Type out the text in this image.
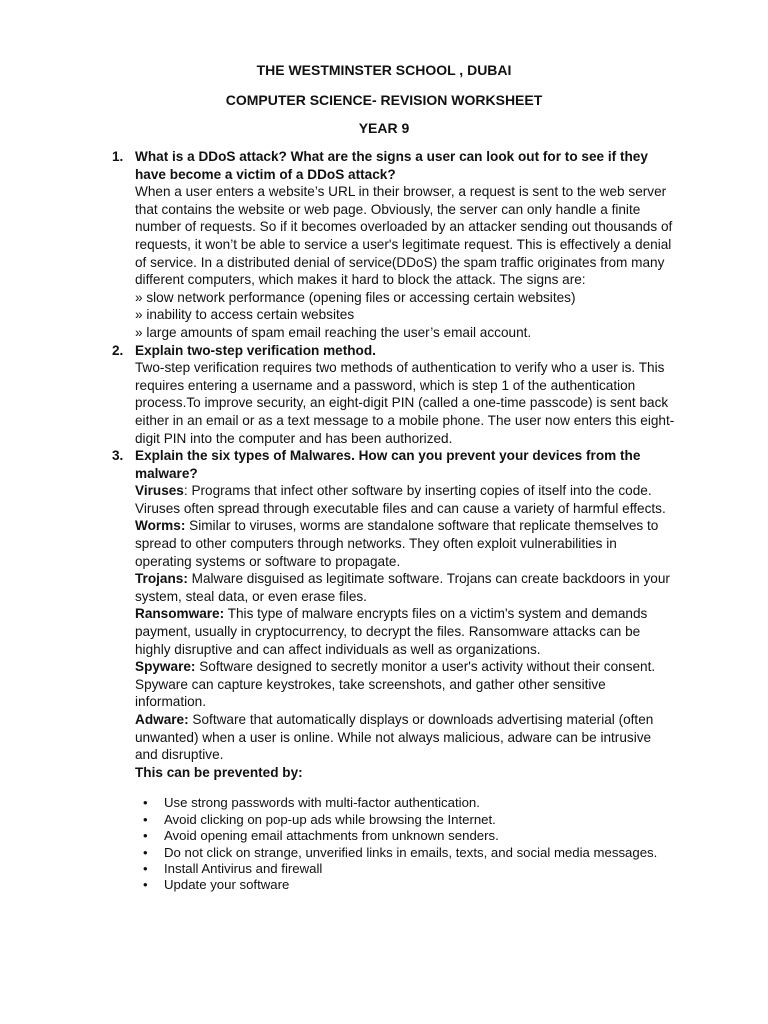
THE WESTMINSTER SCHOOL , DUBAI
COMPUTER SCIENCE- REVISION WORKSHEET
YEAR 9
1. What is a DDoS attack? What are the signs a user can look out for to see if they have become a victim of a DDoS attack?

When a user enters a website’s URL in their browser, a request is sent to the web server that contains the website or web page. Obviously, the server can only handle a finite number of requests. So if it becomes overloaded by an attacker sending out thousands of requests, it won’t be able to service a user's legitimate request. This is effectively a denial of service. In a distributed denial of service(DDoS) the spam traffic originates from many different computers, which makes it hard to block the attack. The signs are:

» slow network performance (opening files or accessing certain websites)
» inability to access certain websites
» large amounts of spam email reaching the user’s email account.
2. Explain two-step verification method.

Two-step verification requires two methods of authentication to verify who a user is. This requires entering a username and a password, which is step 1 of the authentication process.To improve security, an eight-digit PIN (called a one-time passcode) is sent back either in an email or as a text message to a mobile phone. The user now enters this eight-digit PIN into the computer and has been authorized.

3. Explain the six types of Malwares. How can you prevent your devices from the malware?

Viruses: Programs that infect other software by inserting copies of itself into the code. Viruses often spread through executable files and can cause a variety of harmful effects.

Worms: Similar to viruses, worms are standalone software that replicate themselves to spread to other computers through networks. They often exploit vulnerabilities in operating systems or software to propagate.

Trojans: Malware disguised as legitimate software. Trojans can create backdoors in your system, steal data, or even erase files.

Ransomware: This type of malware encrypts files on a victim's system and demands payment, usually in cryptocurrency, to decrypt the files. Ransomware attacks can be highly disruptive and can affect individuals as well as organizations.

Spyware: Software designed to secretly monitor a user's activity without their consent. Spyware can capture keystrokes, take screenshots, and gather other sensitive information.

Adware: Software that automatically displays or downloads advertising material (often unwanted) when a user is online. While not always malicious, adware can be intrusive and disruptive.

This can be prevented by:
• Use strong passwords with multi-factor authentication.
• Avoid clicking on pop-up ads while browsing the Internet.
• Avoid opening email attachments from unknown senders.
• Do not click on strange, unverified links in emails, texts, and social media messages.
• Install Antivirus and firewall
• Update your software
